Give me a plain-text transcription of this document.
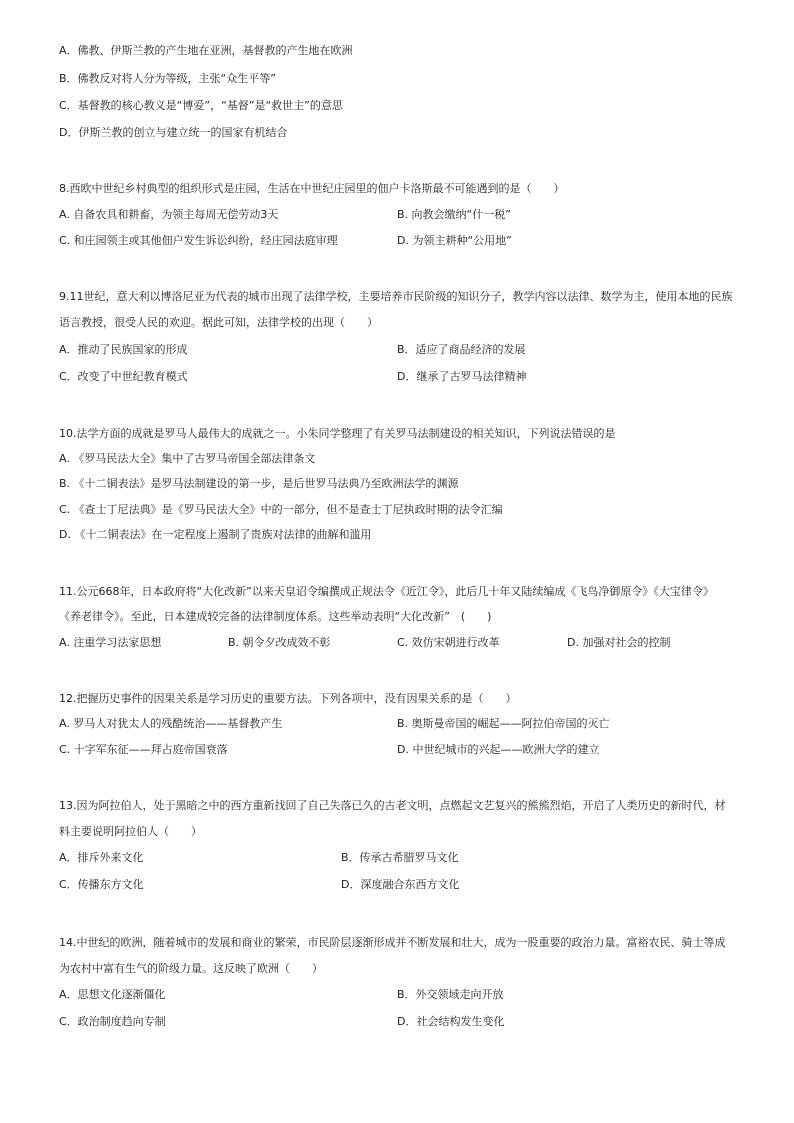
A．佛教、伊斯兰教的产生地在亚洲，基督教的产生地在欧洲
B．佛教反对将人分为等级，主张“众生平等”
C．基督教的核心教义是“博爱”，“基督”是“救世主”的意思
D．伊斯兰教的创立与建立统一的国家有机结合
8.西欧中世纪乡村典型的组织形式是庄园，生活在中世纪庄园里的佃户卡洛斯最不可能遇到的是（　　）
A. 自备农具和耕畜，为领主每周无偿劳动3天	B. 向教会缴纳“什一税”
C. 和庄园领主或其他佃户发生诉讼纠纷，经庄园法庭审理	D. 为领主耕种“公用地”
9.11世纪，意大利以博洛尼亚为代表的城市出现了法律学校，主要培养市民阶级的知识分子，教学内容以法律、数学为主，使用本地的民族
语言教授，很受人民的欢迎。据此可知，法律学校的出现（　　）
A．推动了民族国家的形成	B．适应了商品经济的发展
C．改变了中世纪教育模式	D．继承了古罗马法律精神
10.法学方面的成就是罗马人最伟大的成就之一。小朱同学整理了有关罗马法制建设的相关知识，下列说法错误的是
A. 《罗马民法大全》集中了古罗马帝国全部法律条文
B. 《十二铜表法》是罗马法制建设的第一步，是后世罗马法典乃至欧洲法学的渊源
C. 《查士丁尼法典》是《罗马民法大全》中的一部分，但不是查士丁尼执政时期的法令汇编
D. 《十二铜表法》在一定程度上遏制了贵族对法律的曲解和滥用
11.公元668年，日本政府将“大化改新”以来天皇诏令编撰成正规法令《近江令》，此后几十年又陆续编成《飞鸟净御原令》《大宝律令》
《养老律令》。至此，日本建成较完备的法律制度体系。这些举动表明“大化改新”　(　　)
A. 注重学习法家思想	B. 朝令夕改成效不彰	C. 效仿宋朝进行改革	D. 加强对社会的控制
12.把握历史事件的因果关系是学习历史的重要方法。下列各项中，没有因果关系的是（　　）
A. 罗马人对犹太人的残酷统治——基督教产生	B. 奥斯曼帝国的崛起——阿拉伯帝国的灭亡
C. 十字军东征——拜占庭帝国衰落	D. 中世纪城市的兴起——欧洲大学的建立
13.因为阿拉伯人，处于黑暗之中的西方重新找回了自己失落已久的古老文明，点燃起文艺复兴的熊熊烈焰，开启了人类历史的新时代，材
料主要说明阿拉伯人（　　）
A．排斥外来文化	B．传承古希腊罗马文化
C．传播东方文化	D．深度融合东西方文化
14.中世纪的欧洲，随着城市的发展和商业的繁荣，市民阶层逐渐形成并不断发展和壮大，成为一股重要的政治力量。富裕农民、骑士等成
为农村中富有生气的阶级力量。这反映了欧洲（　　）
A．思想文化逐渐僵化	B．外交领域走向开放
C．政治制度趋向专制	D．社会结构发生变化
